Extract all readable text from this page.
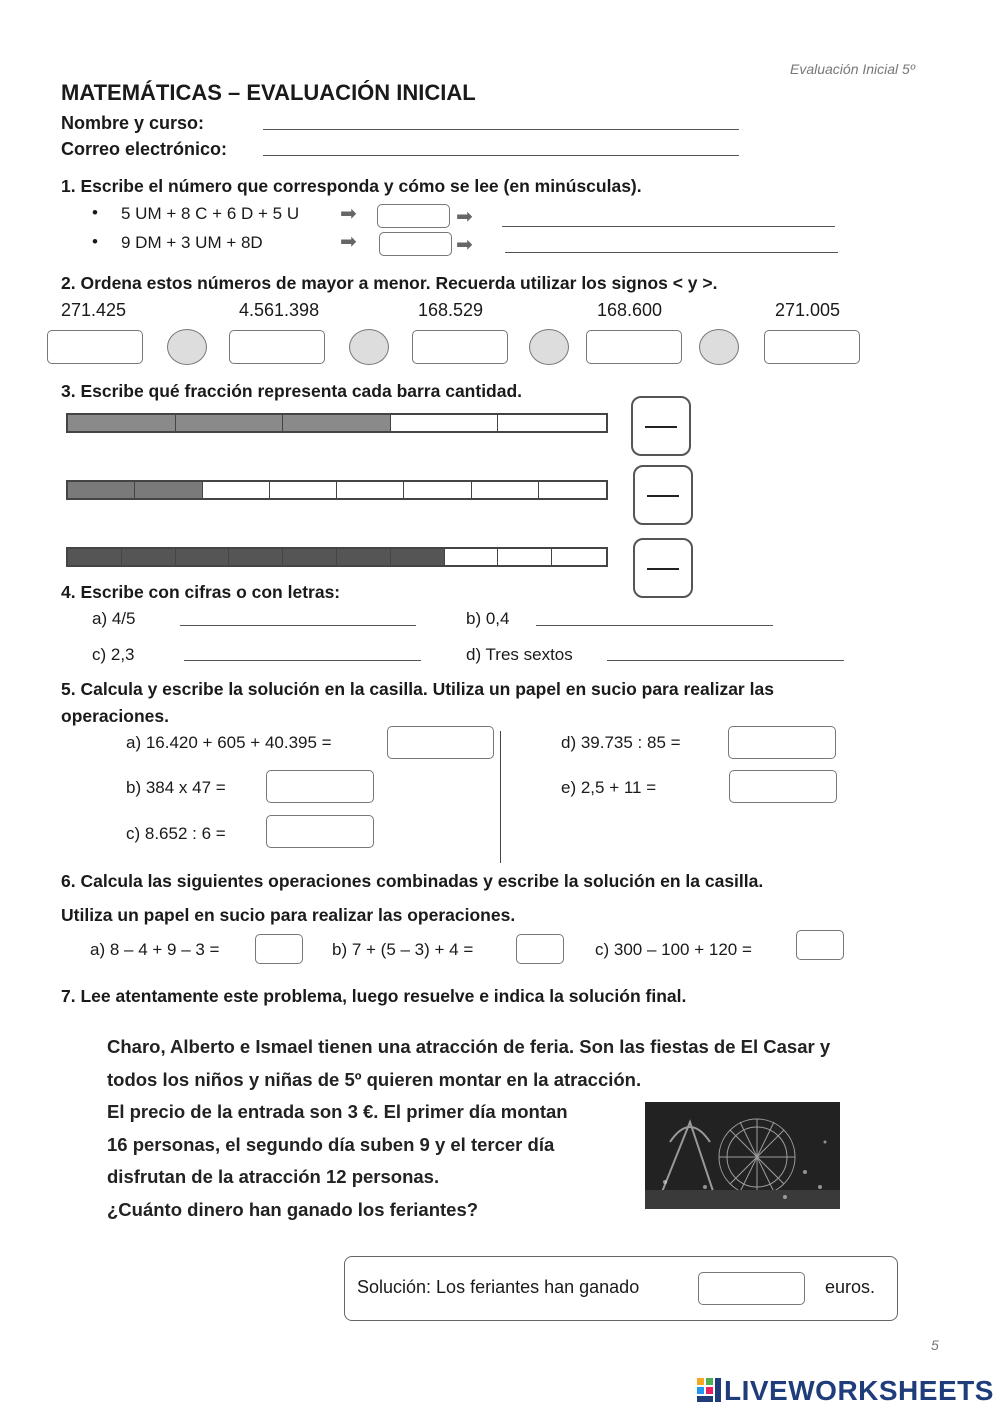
Evaluación Inicial 5º
MATEMÁTICAS – EVALUACIÓN INICIAL
Nombre y curso:
Correo electrónico:
1. Escribe el número que corresponda y cómo se lee (en minúsculas).
• 5 UM + 8 C + 6 D + 5 U ➡	➡
• 9 DM + 3 UM + 8D	➡	➡
2. Ordena estos números de mayor a menor. Recuerda utilizar los signos < y >.
271.425	4.561.398	168.529	168.600	271.005
3. Escribe qué fracción representa cada barra cantidad.
4. Escribe con cifras o con letras:
a) 4/5	b) 0,4
c) 2,3	d) Tres sextos
5. Calcula y escribe la solución en la casilla. Utiliza un papel en sucio para realizar las
operaciones.
a) 16.420 + 605 + 40.395 =
b) 384 x 47 =
c) 8.652 : 6 =
d) 39.735 : 85 =
e) 2,5 + 11 =
6. Calcula las siguientes operaciones combinadas y escribe la solución en la casilla.
Utiliza un papel en sucio para realizar las operaciones.
a) 8 – 4 + 9 – 3 =	b) 7 + (5 – 3) + 4 =	c) 300 – 100 + 120 =
7. Lee atentamente este problema, luego resuelve e indica la solución final.
Charo, Alberto e Ismael tienen una atracción de feria. Son las fiestas de El Casar y
todos los niños y niñas de 5º quieren montar en la atracción.
El precio de la entrada son 3 €. El primer día montan
16 personas, el segundo día suben 9 y el tercer día
disfrutan de la atracción 12 personas.
¿Cuánto dinero han ganado los feriantes?
Solución: Los feriantes han ganado	euros.
5
LIVEWORKSHEETS
